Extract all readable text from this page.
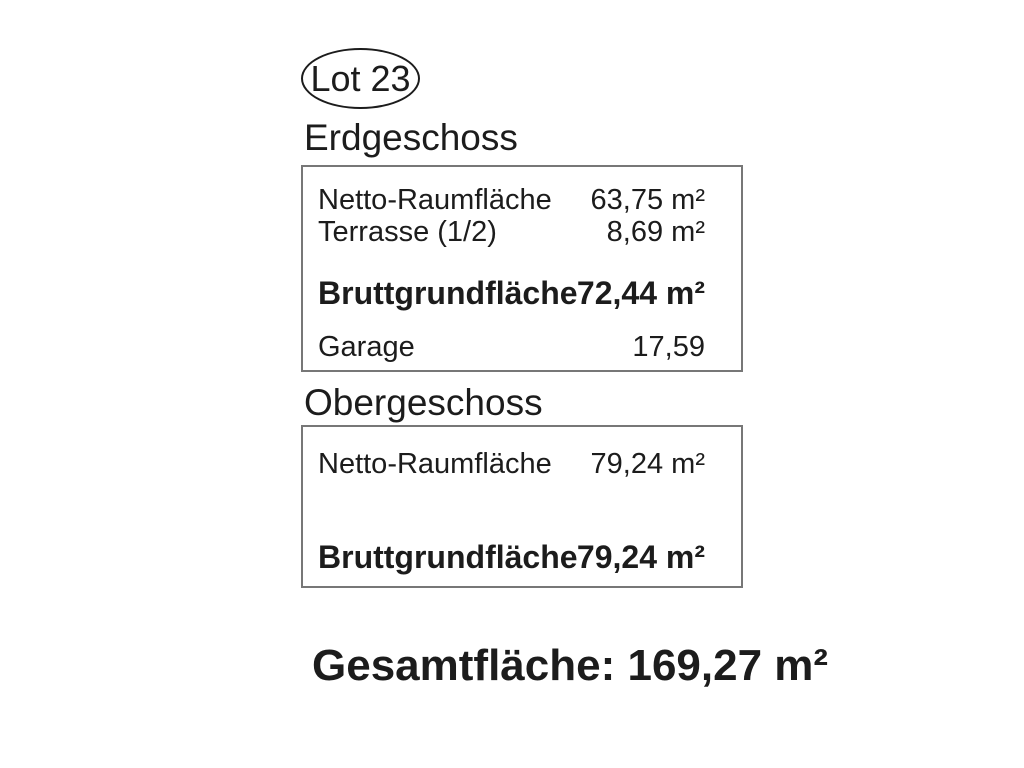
Lot 23
Erdgeschoss
Netto-Raumfläche 63,75 m²
Terrasse (1/2)	8,69 m²
Bruttgrundfläche 72,44 m²
Garage	17,59
Obergeschoss
Netto-Raumfläche 79,24 m²
Bruttgrundfläche 79,24 m²
Gesamtfläche: 169,27 m²
